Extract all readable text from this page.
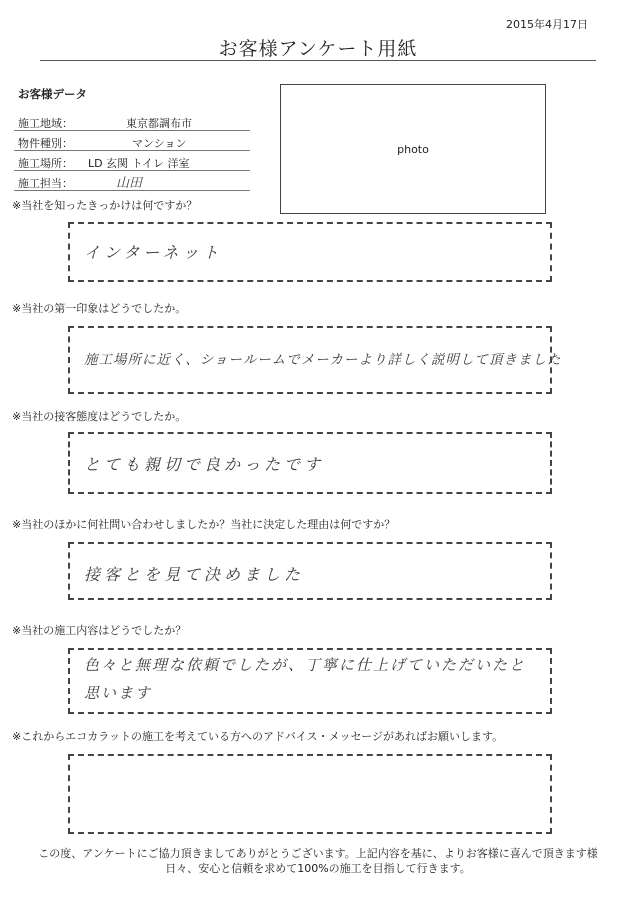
2015年4月17日
お客様アンケート用紙
お客様データ
施工地域：	東京都調布市
物件種別：	マンション
施工場所： LD 玄関 トイレ 洋室
施工担当：	山田
photo
※当社を知ったきっかけは何ですか？
インターネット
※当社の第一印象はどうでしたか。
施工場所に近く、ショールームでメーカーより詳しく説明して頂きました
※当社の接客態度はどうでしたか。
とても親切で良かったです
※当社のほかに何社問い合わせしましたか？当社に決定した理由は何ですか？
接客とを見て決めました
※当社の施工内容はどうでしたか？
色々と無理な依頼でしたが、丁寧に仕上げていただいたと
思います
※これからエコカラットの施工を考えている方へのアドバイス・メッセージがあればお願いします。
この度、アンケートにご協力頂きましてありがとうございます。上記内容を基に、よりお客様に喜んで頂きます様
日々、安心と信頼を求めて100%の施工を目指して行きます。
